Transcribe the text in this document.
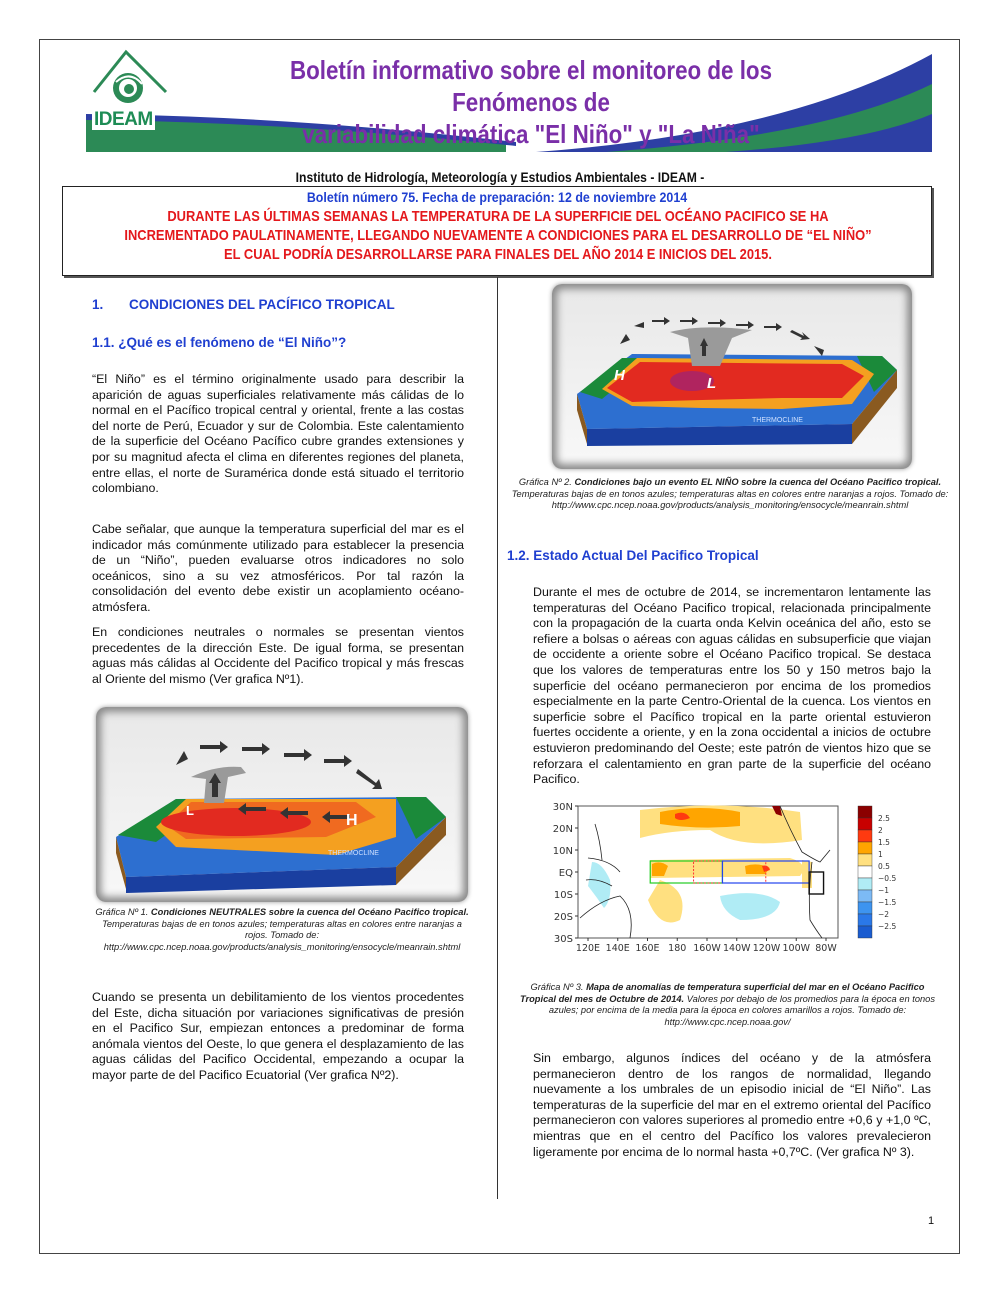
IDEAM
Boletín informativo sobre el monitoreo de los Fenómenos de
variabilidad climática "El Niño" y "La Niña"
Instituto de Hidrología, Meteorología y Estudios Ambientales - IDEAM -
Boletín número 75. Fecha de preparación: 12 de noviembre 2014
DURANTE LAS ÚLTIMAS SEMANAS LA TEMPERATURA DE LA SUPERFICIE DEL OCÉANO PACIFICO SE HA
INCREMENTADO PAULATINAMENTE, LLEGANDO NUEVAMENTE A CONDICIONES PARA EL DESARROLLO DE “EL NIÑO”
EL CUAL PODRÍA DESARROLLARSE PARA FINALES DEL AÑO 2014 E INICIOS DEL 2015.
1. CONDICIONES DEL PACÍFICO TROPICAL
1.1. ¿Qué es el fenómeno de “El Niño”?
“El Niño” es el término originalmente usado para describir la aparición de aguas superficiales relativamente más cálidas de lo normal en el Pacífico tropical central y oriental, frente a las costas del norte de Perú, Ecuador y sur de Colombia. Este calentamiento de la superficie del Océano Pacífico cubre grandes extensiones y por su magnitud afecta el clima en diferentes regiones del planeta, entre ellas, el norte de Suramérica donde está situado el territorio colombiano.
Cabe señalar, que aunque la temperatura superficial del mar es el indicador más comúnmente utilizado para establecer la presencia de un “Niño”, pueden evaluarse otros indicadores no solo oceánicos, sino a su vez atmosféricos. Por tal razón la consolidación del evento debe existir un acoplamiento océano-atmósfera.
En condiciones neutrales o normales se presentan vientos precedentes de la dirección Este. De igual forma, se presentan aguas más cálidas al Occidente del Pacifico tropical y más frescas al Oriente del mismo (Ver grafica Nº1).
THERMOCLINE
H
L
Gráfica Nº 1. Condiciones NEUTRALES sobre la cuenca del Océano Pacifico tropical. Temperaturas bajas de en tonos azules; temperaturas altas en colores entre naranjas a rojos. Tomado de:
http://www.cpc.ncep.noaa.gov/products/analysis_monitoring/ensocycle/meanrain.shtml
Cuando se presenta un debilitamiento de los vientos procedentes del Este, dicha situación por variaciones significativas de presión en el Pacifico Sur, empiezan entonces a predominar de forma anómala vientos del Oeste, lo que genera el desplazamiento de las aguas cálidas del Pacifico Occidental, empezando a ocupar la mayor parte de del Pacifico Ecuatorial (Ver grafica Nº2).
THERMOCLINE
H	L
Gráfica Nº 2. Condiciones bajo un evento EL NIÑO sobre la cuenca del Océano Pacifico tropical. Temperaturas bajas de en tonos azules; temperaturas altas en colores entre naranjas a rojos. Tomado de:
http://www.cpc.ncep.noaa.gov/products/analysis_monitoring/ensocycle/meanrain.shtml
1.2. Estado Actual Del Pacifico Tropical
Durante el mes de octubre de 2014, se incrementaron lentamente las temperaturas del Océano Pacifico tropical, relacionada principalmente con la propagación de la cuarta onda Kelvin oceánica del año, esto se refiere a bolsas o aéreas con aguas cálidas en subsuperficie que viajan de occidente a oriente sobre el Océano Pacifico tropical. Se destaca que los valores de temperaturas entre los 50 y 150 metros bajo la superficie del océano permanecieron por encima de los promedios especialmente en la parte Centro-Oriental de la cuenca. Los vientos en superficie sobre el Pacífico tropical en la parte oriental estuvieron fuertes occidente a oriente, y en la zona occidental a inicios de octubre estuvieron predominando del Oeste; este patrón de vientos hizo que se reforzara el calentamiento en gran parte de la superficie del océano Pacifico.
30N
20N
10N
EQ
10S
20S
30S
120E 140E 160E 180 160W 140W 120W 100W 80W
2.5
2
1.5
1
0.5
−0.5
−1
−1.5
−2
−2.5
Gráfica Nº 3. Mapa de anomalías de temperatura superficial del mar en el Océano Pacifico Tropical del mes de Octubre de 2014. Valores por debajo de los promedios para la época en tonos azules; por encima de la media para la época en colores amarillos a rojos. Tomado de:
http://www.cpc.ncep.noaa.gov/
Sin embargo, algunos índices del océano y de la atmósfera permanecieron dentro de los rangos de normalidad, llegando nuevamente a los umbrales de un episodio inicial de “El Niño”. Las temperaturas de la superficie del mar en el extremo oriental del Pacífico permanecieron con valores superiores al promedio entre +0,6 y +1,0 ºC, mientras que en el centro del Pacífico los valores prevalecieron ligeramente por encima de lo normal hasta +0,7ºC. (Ver grafica Nº 3).
1
